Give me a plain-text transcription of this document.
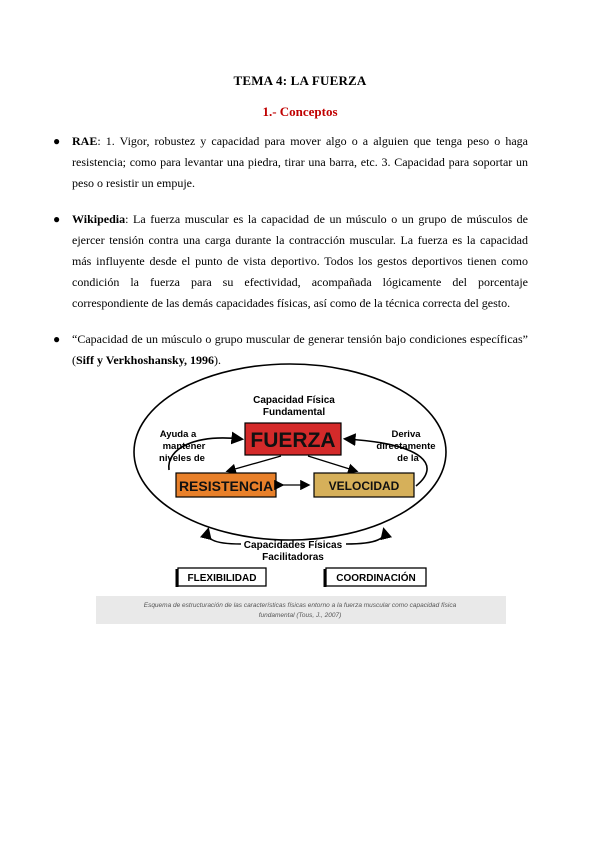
TEMA 4: LA FUERZA
1.- Conceptos
● RAE: 1. Vigor, robustez y capacidad para mover algo o a alguien que tenga peso o haga resistencia; como para levantar una piedra, tirar una barra, etc. 3. Capacidad para soportar un peso o resistir un empuje.
● Wikipedia: La fuerza muscular es la capacidad de un músculo o un grupo de músculos de ejercer tensión contra una carga durante la contracción muscular. La fuerza es la capacidad más influyente desde el punto de vista deportivo. Todos los gestos deportivos tienen como condición la fuerza para su efectividad, acompañada lógicamente del porcentaje correspondiente de las demás capacidades físicas, así como de la técnica correcta del gesto.
● “Capacidad de un músculo o grupo muscular de generar tensión bajo condiciones específicas” (Siff y Verkhoshansky, 1996).
Capacidad Física
Fundamental
FUERZA
Ayuda a
mantener
niveles de
Deriva
directamente
de la
RESISTENCIA	VELOCIDAD
Capacidades Físicas
Facilitadoras
FLEXIBILIDAD	COORDINACIÓN
Esquema de estructuración de las características físicas entorno a la fuerza muscular como capacidad física
fundamental (Tous, J., 2007)
